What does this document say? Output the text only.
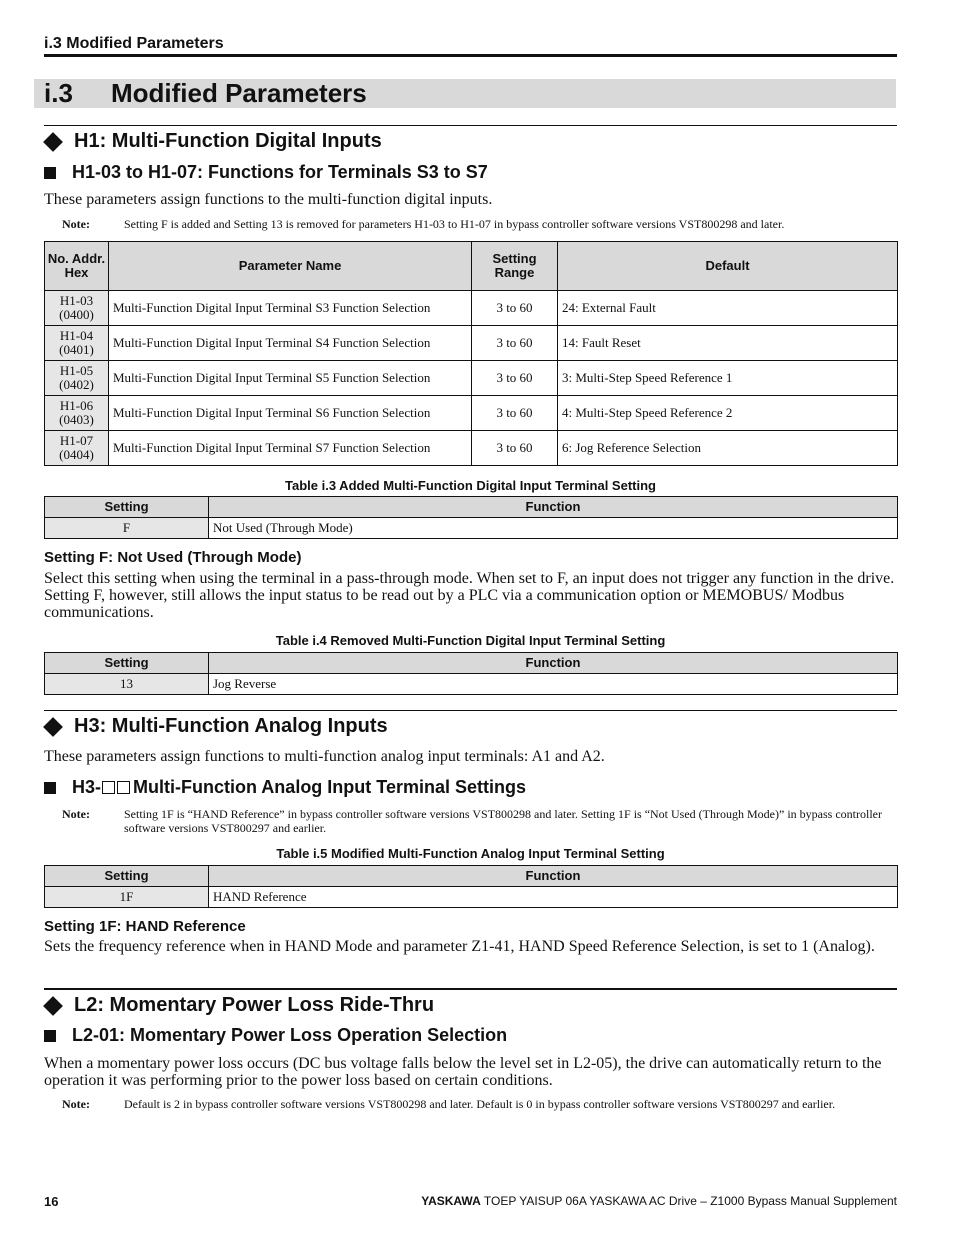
i.3 Modified Parameters
i.3 Modified Parameters
H1: Multi-Function Digital Inputs
H1-03 to H1-07: Functions for Terminals S3 to S7
These parameters assign functions to the multi-function digital inputs.
Note:	Setting F is added and Setting 13 is removed for parameters H1-03 to H1-07 in bypass controller software versions VST800298 and later.
No. Addr. Hex	Parameter Name	Setting Range	Default

H1-03
(0400)	Multi-Function Digital Input Terminal S3 Function Selection	3 to 60	24: External Fault

H1-04
(0401)	Multi-Function Digital Input Terminal S4 Function Selection	3 to 60	14: Fault Reset

H1-05
(0402)	Multi-Function Digital Input Terminal S5 Function Selection	3 to 60	3: Multi-Step Speed Reference 1

H1-06
(0403)	Multi-Function Digital Input Terminal S6 Function Selection	3 to 60	4: Multi-Step Speed Reference 2

H1-07
(0404)	Multi-Function Digital Input Terminal S7 Function Selection	3 to 60	6: Jog Reference Selection
Table i.3 Added Multi-Function Digital Input Terminal Setting
Setting	Function
F	Not Used (Through Mode)
Setting F: Not Used (Through Mode)
Select this setting when using the terminal in a pass-through mode. When set to F, an input does not trigger any function in the drive. Setting F, however, still allows the input status to be read out by a PLC via a communication option or MEMOBUS/ Modbus communications.
Table i.4 Removed Multi-Function Digital Input Terminal Setting
Setting	Function
13	Jog Reverse
H3: Multi-Function Analog Inputs
These parameters assign functions to multi-function analog input terminals: A1 and A2.
H3- Multi-Function Analog Input Terminal Settings
Note:	Setting 1F is “HAND Reference” in bypass controller software versions VST800298 and later. Setting 1F is “Not Used (Through Mode)” in bypass controller software versions VST800297 and earlier.
Table i.5 Modified Multi-Function Analog Input Terminal Setting
Setting	Function
1F	HAND Reference
Setting 1F: HAND Reference
Sets the frequency reference when in HAND Mode and parameter Z1-41, HAND Speed Reference Selection, is set to 1 (Analog).
L2: Momentary Power Loss Ride-Thru
L2-01: Momentary Power Loss Operation Selection
When a momentary power loss occurs (DC bus voltage falls below the level set in L2-05), the drive can automatically return to the operation it was performing prior to the power loss based on certain conditions.
Note:	Default is 2 in bypass controller software versions VST800298 and later. Default is 0 in bypass controller software versions VST800297 and earlier.
16	YASKAWA TOEP YAISUP 06A YASKAWA AC Drive – Z1000 Bypass Manual Supplement
